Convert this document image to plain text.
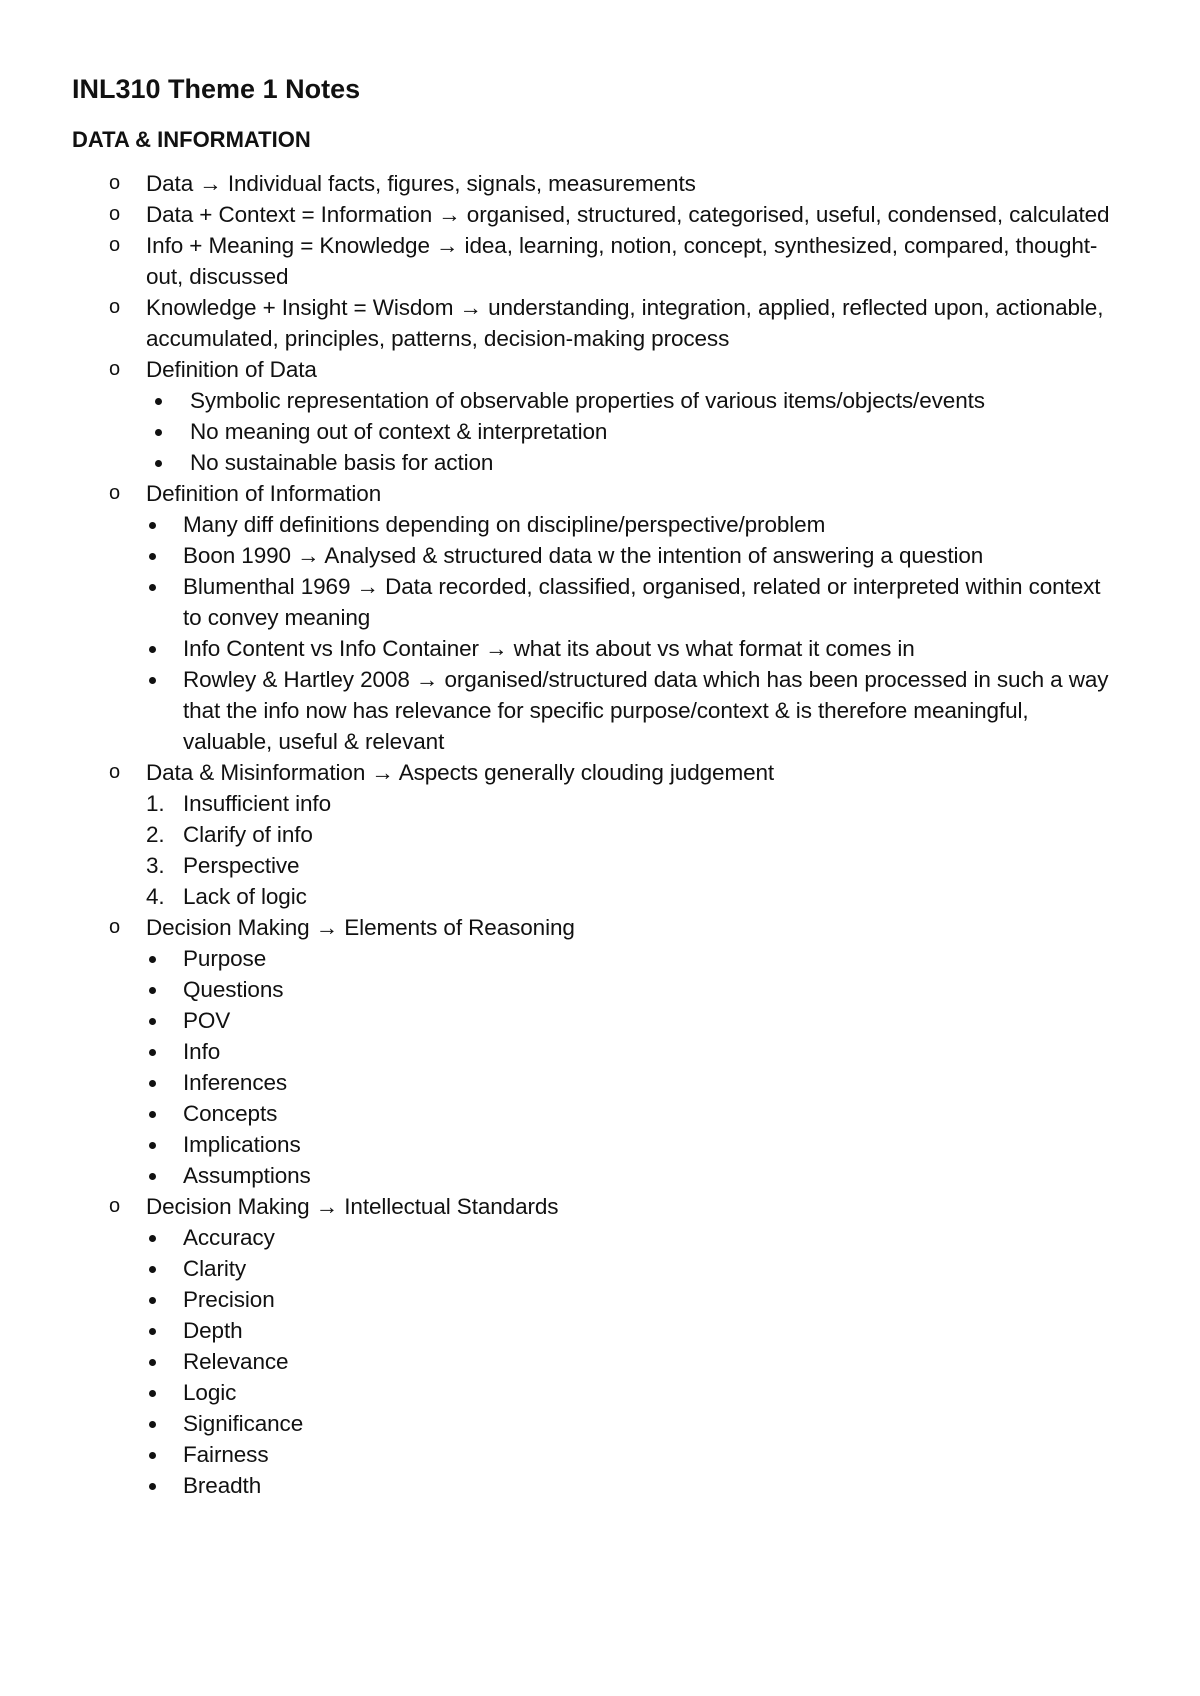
INL310 Theme 1 Notes
DATA & INFORMATION
o Data → Individual facts, figures, signals, measurements
o Data + Context = Information → organised, structured, categorised, useful, condensed, calculated
o Info + Meaning = Knowledge → idea, learning, notion, concept, synthesized, compared, thought-out, discussed
o Knowledge + Insight = Wisdom → understanding, integration, applied, reflected upon, actionable, accumulated, principles, patterns, decision-making process
o Definition of Data
Symbolic representation of observable properties of various items/objects/events
No meaning out of context & interpretation
No sustainable basis for action
o Definition of Information
Many diff definitions depending on discipline/perspective/problem
Boon 1990 → Analysed & structured data w the intention of answering a question
Blumenthal 1969 → Data recorded, classified, organised, related or interpreted within context to convey meaning
Info Content vs Info Container → what its about vs what format it comes in
Rowley & Hartley 2008 → organised/structured data which has been processed in such a way that the info now has relevance for specific purpose/context & is therefore meaningful, valuable, useful & relevant
o Data & Misinformation → Aspects generally clouding judgement
1. Insufficient info
2. Clarify of info
3. Perspective
4. Lack of logic
o Decision Making → Elements of Reasoning
Purpose
Questions
POV
Info
Inferences
Concepts
Implications
Assumptions
o Decision Making → Intellectual Standards
Accuracy
Clarity
Precision
Depth
Relevance
Logic
Significance
Fairness
Breadth
